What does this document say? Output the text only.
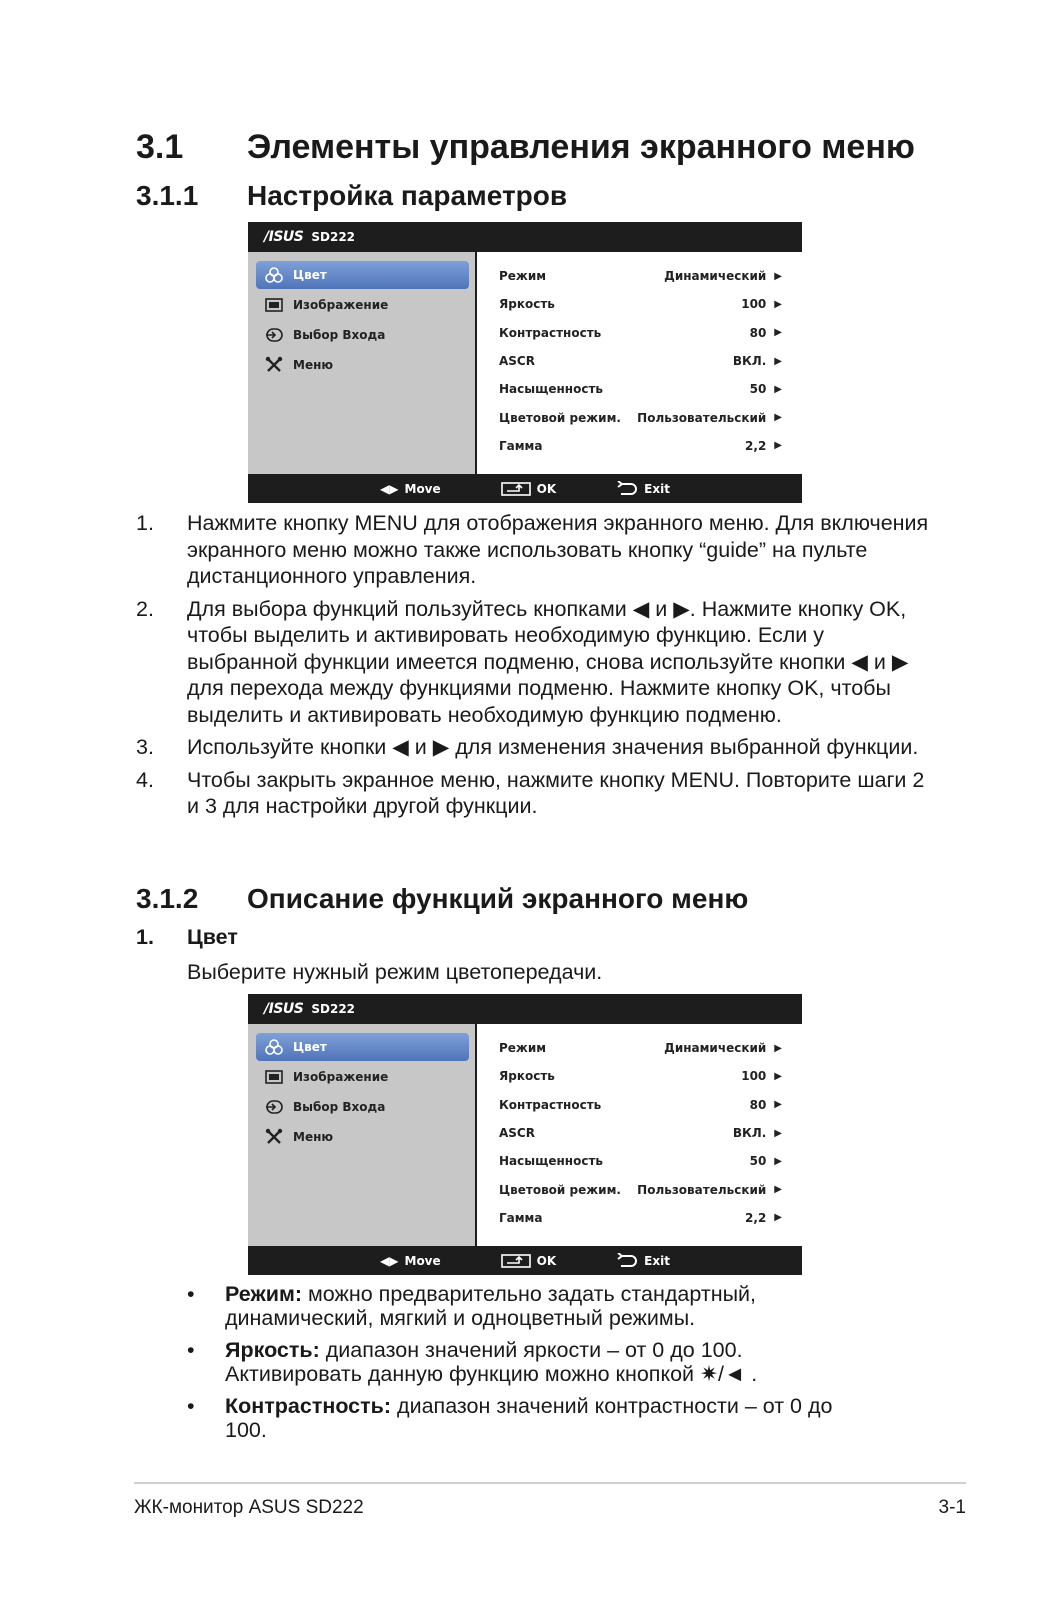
3.1 Элементы управления экранного меню
3.1.1 Настройка параметров
/ISUS SD222
Цвет
Изображение
Выбор Входа
Меню
Режим	Динамический ▶
Яркость	100 ▶
Контрастность	80 ▶
ASCR	ВКЛ. ▶
Насыщенность	50 ▶
Цветовой режим.	Пользовательский ▶
Гамма	2,2 ▶
◀▶ Move	OK	Exit
1.	Нажмите кнопку MENU для отображения экранного меню. Для включения экранного меню можно также использовать кнопку “guide” на пульте дистанционного управления.
2.	Для выбора функций пользуйтесь кнопками ◀ и ▶. Нажмите кнопку OK, чтобы выделить и активировать необходимую функцию. Если у выбранной функции имеется подменю, снова используйте кнопки ◀ и ▶ для перехода между функциями подменю. Нажмите кнопку OK, чтобы выделить и активировать необходимую функцию подменю.
3.	Используйте кнопки ◀ и ▶ для изменения значения выбранной функции.
4.	Чтобы закрыть экранное меню, нажмите кнопку MENU. Повторите шаги 2 и 3 для настройки другой функции.
3.1.2 Описание функций экранного меню
1. Цвет
Выберите нужный режим цветопередачи.
/ISUS SD222
Цвет
Изображение
Выбор Входа
Меню
Режим	Динамический ▶
Яркость	100 ▶
Контрастность	80 ▶
ASCR	ВКЛ. ▶
Насыщенность	50 ▶
Цветовой режим.	Пользовательский ▶
Гамма	2,2 ▶
◀▶ Move	OK	Exit
•	Режим: можно предварительно задать стандартный, динамический, мягкий и одноцветный режимы.
•	Яркость: диапазон значений яркости – от 0 до 100. Активировать данную функцию можно кнопкой ✷/◄ .
•	Контрастность: диапазон значений контрастности – от 0 до 100.
ЖК-монитор ASUS SD222	3-1
